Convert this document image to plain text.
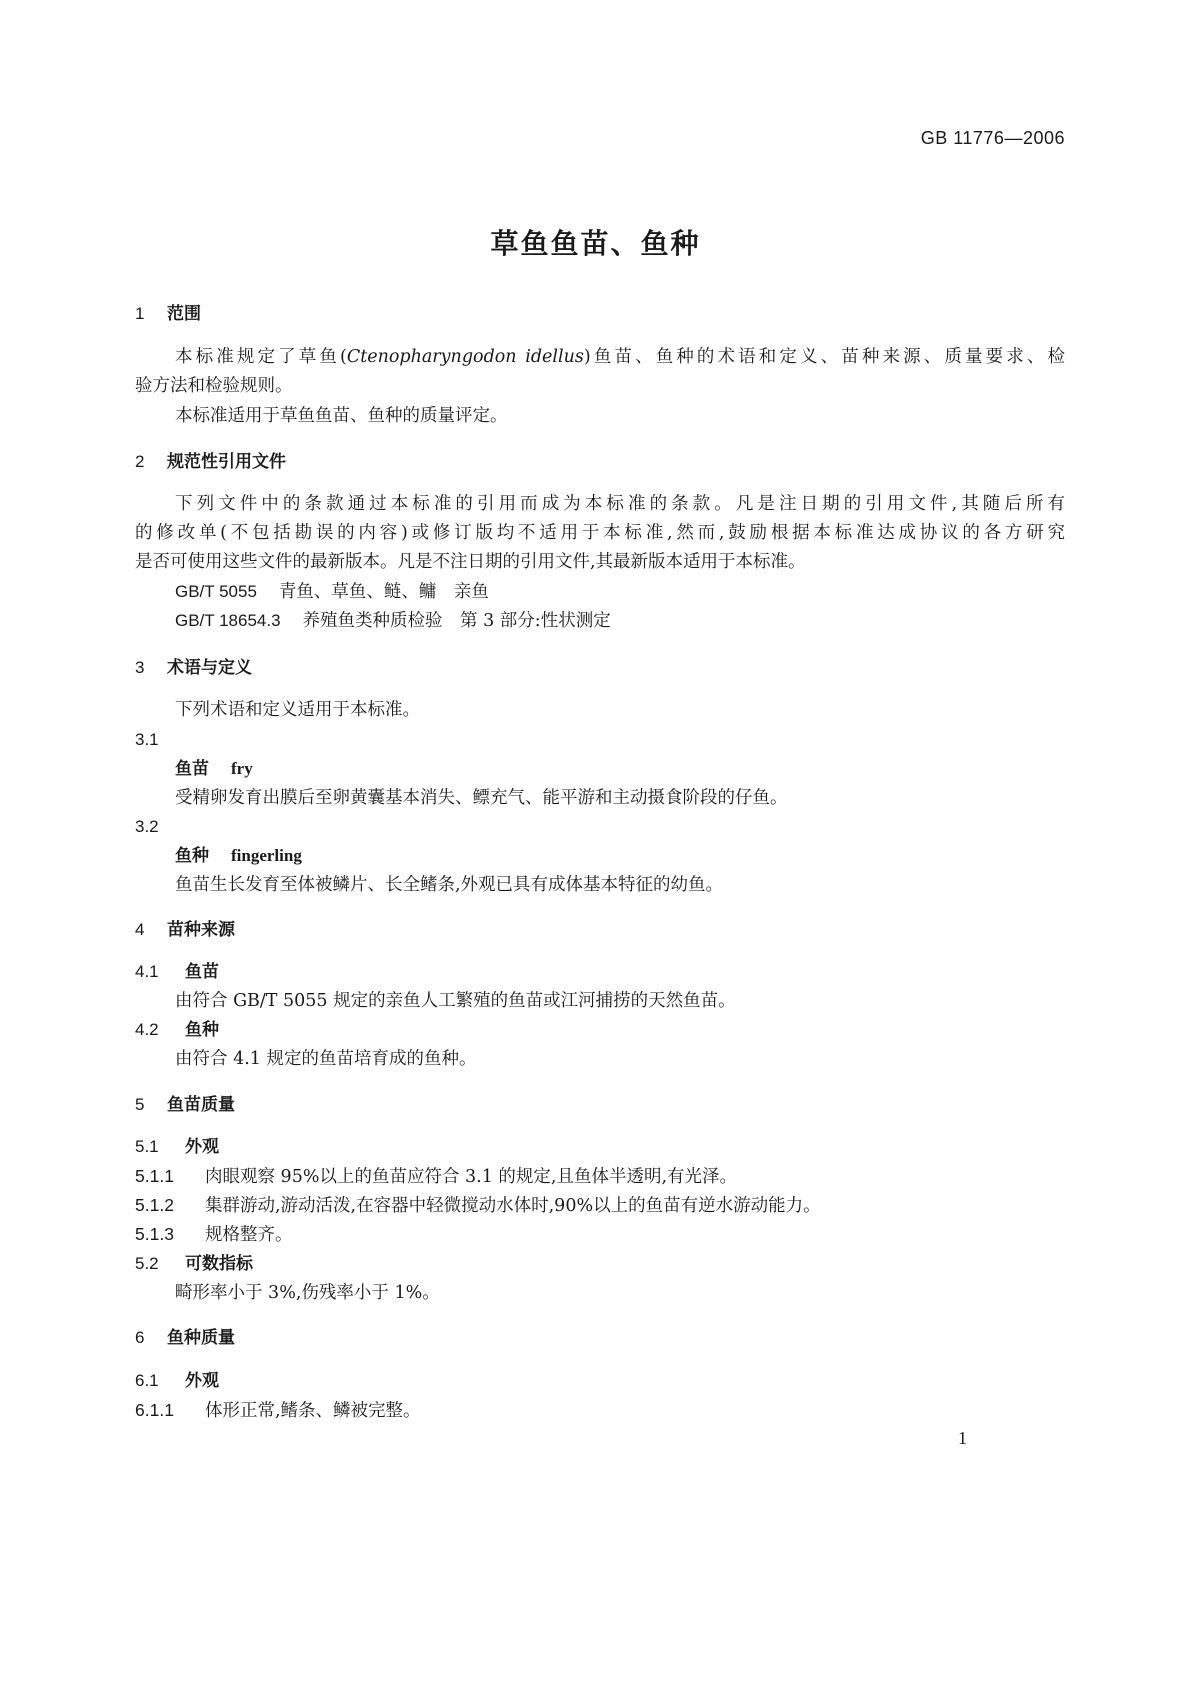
GB 11776—2006
草鱼鱼苗、鱼种
1 范围
本标准规定了草鱼(Ctenopharyngodon idellus)鱼苗、鱼种的术语和定义、苗种来源、质量要求、检
验方法和检验规则。
本标准适用于草鱼鱼苗、鱼种的质量评定。
2 规范性引用文件
下列文件中的条款通过本标准的引用而成为本标准的条款。凡是注日期的引用文件,其随后所有
的修改单(不包括勘误的内容)或修订版均不适用于本标准,然而,鼓励根据本标准达成协议的各方研究
是否可使用这些文件的最新版本。凡是不注日期的引用文件,其最新版本适用于本标准。
GB/T 5055 青鱼、草鱼、鲢、鳙　亲鱼
GB/T 18654.3 养殖鱼类种质检验　第 3 部分:性状测定
3 术语与定义
下列术语和定义适用于本标准。
3.1
鱼苗 fry
受精卵发育出膜后至卵黄囊基本消失、鳔充气、能平游和主动摄食阶段的仔鱼。
3.2
鱼种 fingerling
鱼苗生长发育至体被鳞片、长全鳍条,外观已具有成体基本特征的幼鱼。
4 苗种来源
4.1 鱼苗
由符合 GB/T 5055 规定的亲鱼人工繁殖的鱼苗或江河捕捞的天然鱼苗。
4.2 鱼种
由符合 4.1 规定的鱼苗培育成的鱼种。
5 鱼苗质量
5.1 外观
5.1.1 肉眼观察 95%以上的鱼苗应符合 3.1 的规定,且鱼体半透明,有光泽。
5.1.2 集群游动,游动活泼,在容器中轻微搅动水体时,90%以上的鱼苗有逆水游动能力。
5.1.3 规格整齐。
5.2 可数指标
畸形率小于 3%,伤残率小于 1%。
6 鱼种质量
6.1 外观
6.1.1 体形正常,鳍条、鳞被完整。
1
